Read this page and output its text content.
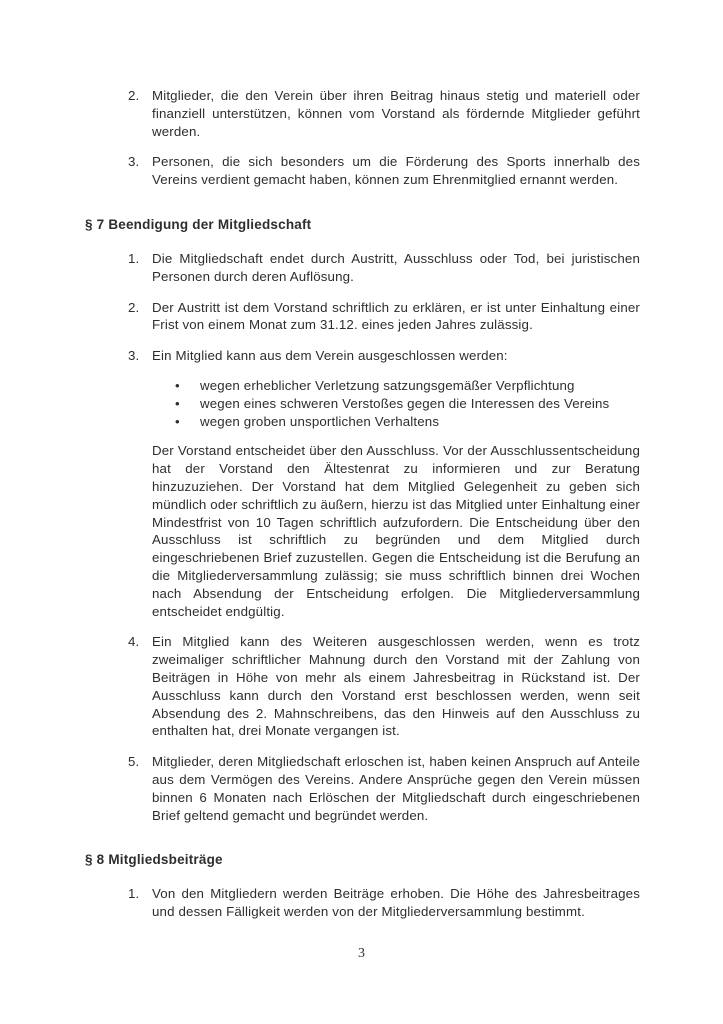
2. Mitglieder, die den Verein über ihren Beitrag hinaus stetig und materiell oder finanziell unterstützen, können vom Vorstand als fördernde Mitglieder geführt werden.

3. Personen, die sich besonders um die Förderung des Sports innerhalb des Vereins verdient gemacht haben, können zum Ehrenmitglied ernannt werden.

§ 7 Beendigung der Mitgliedschaft
1. Die Mitgliedschaft endet durch Austritt, Ausschluss oder Tod, bei juristischen Personen durch deren Auflösung.

2. Der Austritt ist dem Vorstand schriftlich zu erklären, er ist unter Einhaltung einer Frist von einem Monat zum 31.12. eines jeden Jahres zulässig.

3. Ein Mitglied kann aus dem Verein ausgeschlossen werden:

•	wegen erheblicher Verletzung satzungsgemäßer Verpflichtung
•	wegen eines schweren Verstoßes gegen die Interessen des Vereins
•	wegen groben unsportlichen Verhaltens

Der Vorstand entscheidet über den Ausschluss. Vor der Ausschlussentscheidung hat der Vorstand den Ältestenrat zu informieren und zur Beratung hinzuzuziehen. Der Vorstand hat dem Mitglied Gelegenheit zu geben sich mündlich oder schriftlich zu äußern, hierzu ist das Mitglied unter Einhaltung einer Mindestfrist von 10 Tagen schriftlich aufzufordern. Die Entscheidung über den Ausschluss ist schriftlich zu begründen und dem Mitglied durch eingeschriebenen Brief zuzustellen. Gegen die Entscheidung ist die Berufung an die Mitgliederversammlung zulässig; sie muss schriftlich binnen drei Wochen nach Absendung der Entscheidung erfolgen. Die Mitgliederversammlung entscheidet endgültig.

4. Ein Mitglied kann des Weiteren ausgeschlossen werden, wenn es trotz zweimaliger schriftlicher Mahnung durch den Vorstand mit der Zahlung von Beiträgen in Höhe von mehr als einem Jahresbeitrag in Rückstand ist. Der Ausschluss kann durch den Vorstand erst beschlossen werden, wenn seit Absendung des 2. Mahnschreibens, das den Hinweis auf den Ausschluss zu enthalten hat, drei Monate vergangen ist.

5. Mitglieder, deren Mitgliedschaft erloschen ist, haben keinen Anspruch auf Anteile aus dem Vermögen des Vereins. Andere Ansprüche gegen den Verein müssen binnen 6 Monaten nach Erlöschen der Mitgliedschaft durch eingeschriebenen Brief geltend gemacht und begründet werden.

§ 8 Mitgliedsbeiträge
1. Von den Mitgliedern werden Beiträge erhoben. Die Höhe des Jahresbeitrages und dessen Fälligkeit werden von der Mitgliederversammlung bestimmt.

3
